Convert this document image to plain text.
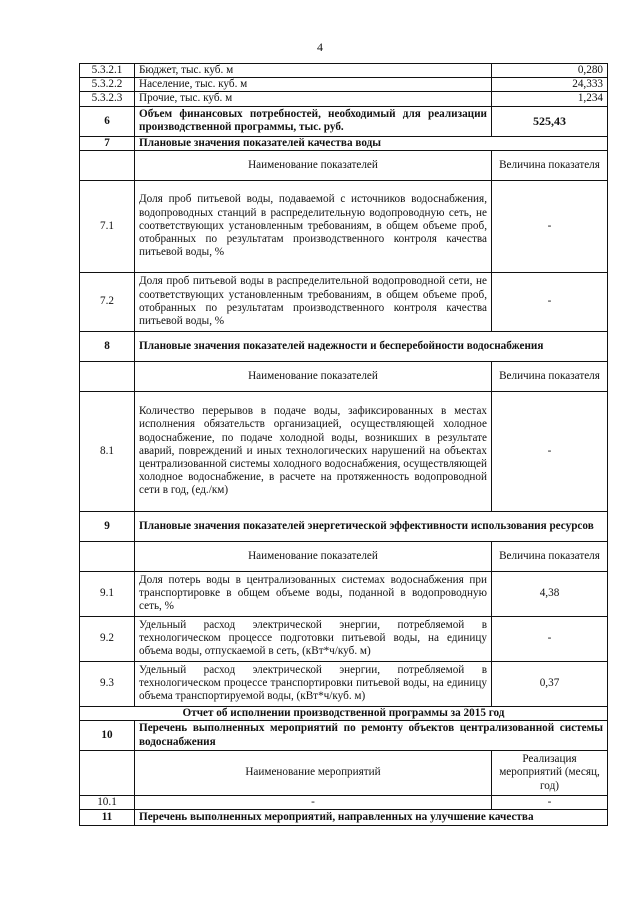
4
5.3.2.1	Бюджет, тыс. куб. м	0,280
5.3.2.2	Население, тыс. куб. м	24,333
5.3.2.3	Прочие, тыс. куб. м	1,234
6	Объем финансовых потребностей, необходимый для реализации производственной программы, тыс. руб.	525,43
7	Плановые значения показателей качества воды	
	Наименование показателей	Величина показателя
7.1	Доля проб питьевой воды, подаваемой с источников водоснабжения, водопроводных станций в распределительную водопроводную сеть, не соответствующих установленным требованиям, в общем объеме проб, отобранных по результатам производственного контроля качества питьевой воды, %	-
7.2	Доля проб питьевой воды в распределительной водопроводной сети, не соответствующих установленным требованиям, в общем объеме проб, отобранных по результатам производственного контроля качества питьевой воды, %	-
8	Плановые значения показателей надежности и бесперебойности водоснабжения	
	Наименование показателей	Величина показателя
8.1	Количество перерывов в подаче воды, зафиксированных в местах исполнения обязательств организацией, осуществляющей холодное водоснабжение, по подаче холодной воды, возникших в результате аварий, повреждений и иных технологических нарушений на объектах централизованной системы холодного водоснабжения, осуществляющей холодное водоснабжение, в расчете на протяженность водопроводной сети в год, (ед./км)	-
9	Плановые значения показателей энергетической эффективности использования ресурсов	
	Наименование показателей	Величина показателя
9.1	Доля потерь воды в централизованных системах водоснабжения при транспортировке в общем объеме воды, поданной в водопроводную сеть, %	4,38
9.2	Удельный расход электрической энергии, потребляемой в технологическом процессе подготовки питьевой воды, на единицу объема воды, отпускаемой в сеть, (кВт*ч/куб. м)	-
9.3	Удельный расход электрической энергии, потребляемой в технологическом процессе транспортировки питьевой воды, на единицу объема транспортируемой воды, (кВт*ч/куб. м)	0,37
Отчет об исполнении производственной программы за 2015 год		
10	Перечень выполненных мероприятий по ремонту объектов централизованной системы водоснабжения	
	Наименование мероприятий	Реализация мероприятий (месяц, год)
10.1	-	-
11	Перечень выполненных мероприятий, направленных на улучшение качества	
